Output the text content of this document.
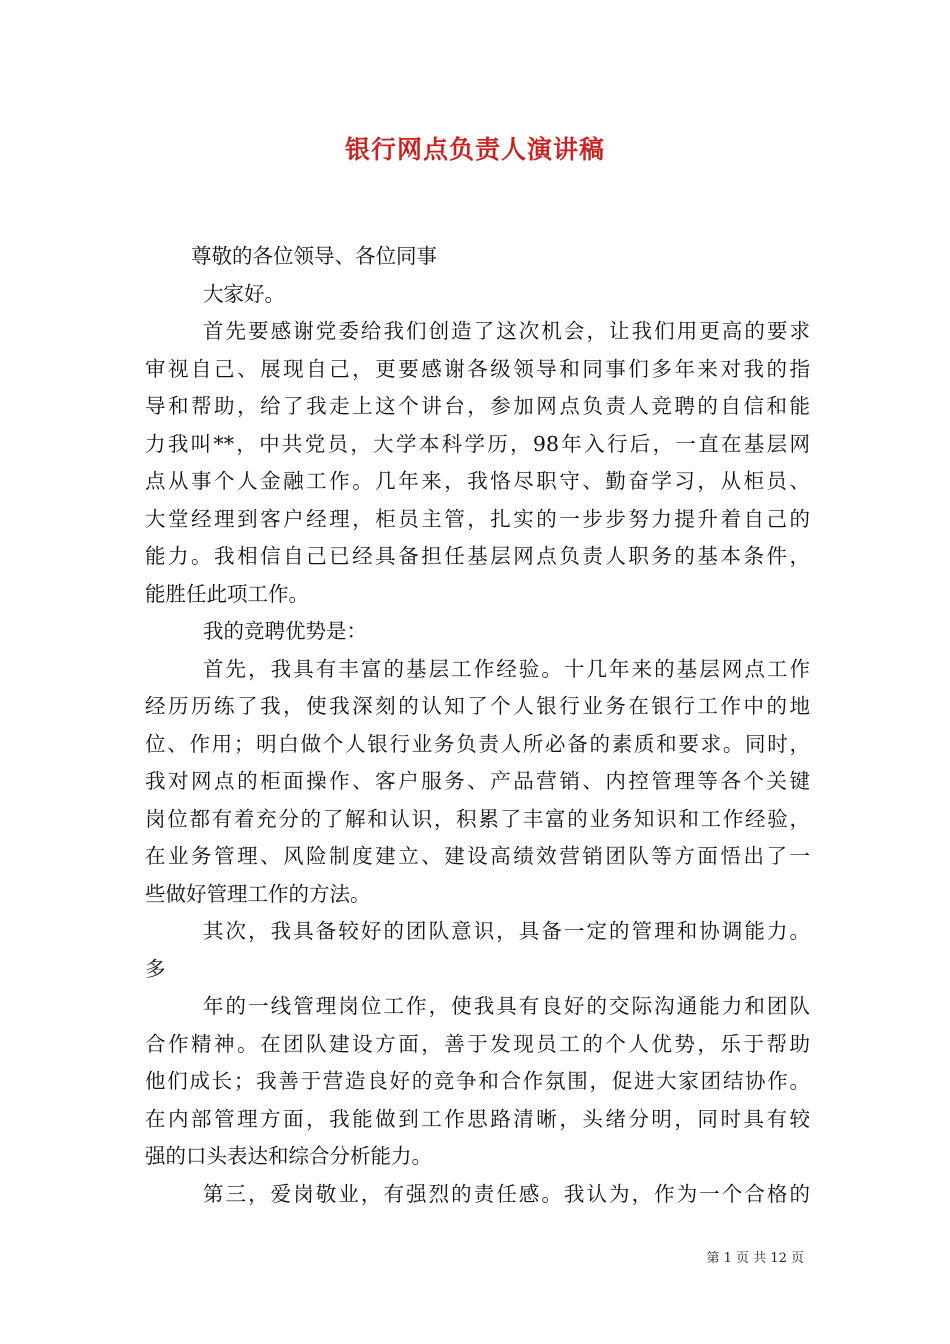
银行网点负责人演讲稿
尊敬的各位领导、各位同事
大家好。
首先要感谢党委给我们创造了这次机会，让我们用更高的要求
审视自己、展现自己，更要感谢各级领导和同事们多年来对我的指
导和帮助，给了我走上这个讲台，参加网点负责人竞聘的自信和能
力我叫**，中共党员，大学本科学历，98年入行后，一直在基层网
点从事个人金融工作。几年来，我恪尽职守、勤奋学习，从柜员、
大堂经理到客户经理，柜员主管，扎实的一步步努力提升着自己的
能力。我相信自己已经具备担任基层网点负责人职务的基本条件，
能胜任此项工作。
我的竞聘优势是：
首先，我具有丰富的基层工作经验。十几年来的基层网点工作
经历历练了我，使我深刻的认知了个人银行业务在银行工作中的地
位、作用；明白做个人银行业务负责人所必备的素质和要求。同时，
我对网点的柜面操作、客户服务、产品营销、内控管理等各个关键
岗位都有着充分的了解和认识，积累了丰富的业务知识和工作经验，
在业务管理、风险制度建立、建设高绩效营销团队等方面悟出了一
些做好管理工作的方法。
其次，我具备较好的团队意识，具备一定的管理和协调能力。
多
年的一线管理岗位工作，使我具有良好的交际沟通能力和团队
合作精神。在团队建设方面，善于发现员工的个人优势，乐于帮助
他们成长；我善于营造良好的竞争和合作氛围，促进大家团结协作。
在内部管理方面，我能做到工作思路清晰，头绪分明，同时具有较
强的口头表达和综合分析能力。
第三，爱岗敬业，有强烈的责任感。我认为，作为一个合格的
第 1 页 共 12 页
